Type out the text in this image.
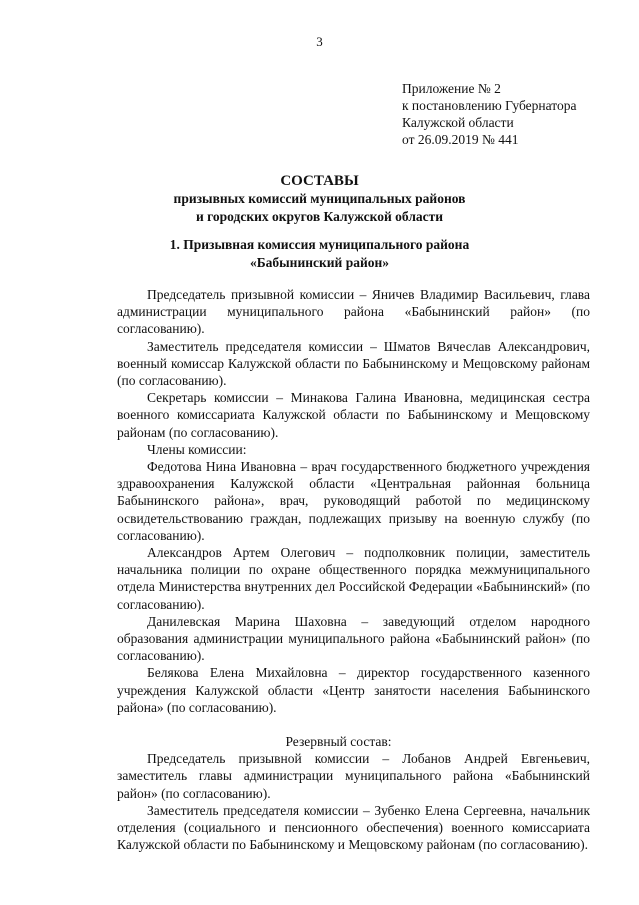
3
Приложение № 2
к постановлению Губернатора
Калужской области
от 26.09.2019 № 441
СОСТАВЫ
призывных комиссий муниципальных районов
и городских округов Калужской области
1. Призывная комиссия муниципального района
«Бабынинский район»

Председатель призывной комиссии – Яничев Владимир Васильевич, глава администрации муниципального района «Бабынинский район» (по согласованию).

Заместитель председателя комиссии – Шматов Вячеслав Александрович, военный комиссар Калужской области по Бабынинскому и Мещовскому районам (по согласованию).

Секретарь комиссии – Минакова Галина Ивановна, медицинская сестра военного комиссариата Калужской области по Бабынинскому и Мещовскому районам (по согласованию).

Члены комиссии:

Федотова Нина Ивановна – врач государственного бюджетного учреждения здравоохранения Калужской области «Центральная районная больница Бабынинского района», врач, руководящий работой по медицинскому освидетельствованию граждан, подлежащих призыву на военную службу (по согласованию).

Александров Артем Олегович – подполковник полиции, заместитель начальника полиции по охране общественного порядка межмуниципального отдела Министерства внутренних дел Российской Федерации «Бабынинский» (по согласованию).

Данилевская Марина Шаховна – заведующий отделом народного образования администрации муниципального района «Бабынинский район» (по согласованию).

Белякова Елена Михайловна – директор государственного казенного учреждения Калужской области «Центр занятости населения Бабынинского района» (по согласованию).

Резервный состав:

Председатель призывной комиссии – Лобанов Андрей Евгеньевич, заместитель главы администрации муниципального района «Бабынинский район» (по согласованию).

Заместитель председателя комиссии – Зубенко Елена Сергеевна, начальник отделения (социального и пенсионного обеспечения) военного комиссариата Калужской области по Бабынинскому и Мещовскому районам (по согласованию).
